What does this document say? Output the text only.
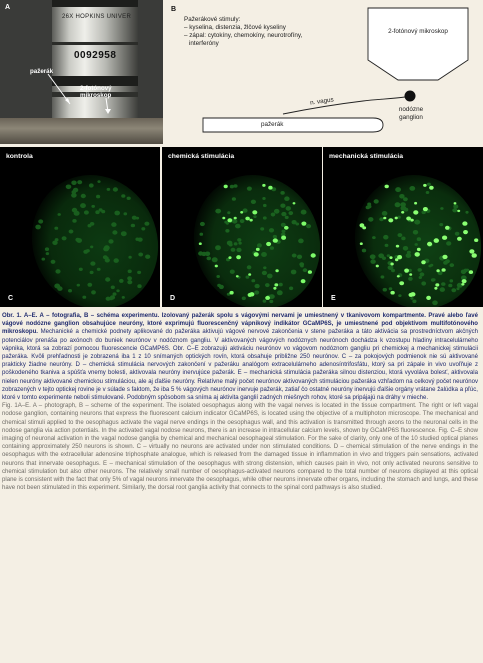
26X HOPKINS UNIVER
0092958
A
pažerák
2-fotónový mikroskop
B
Pažerákové stimuly:
– kyselina, distenzia, žlčové kyseliny
– zápal: cytokíny, chemokíny, neurotrofíny,
interferóny
2-fotónový mikroskop
n. vagus
nodózne
ganglion
pažerák
kontrola
C
chemická stimulácia
D
mechanická stimulácia
E

Obr. 1. A–E. A – fotografia, B – schéma experimentu. Izolovaný pažerák spolu s vágovými nervami je umiestnený v tkanivovom kompartmente. Pravé alebo ľavé vágové nodózne ganglion obsahujúce neuróny, ktoré exprimujú fluorescenčný vápnikový indikátor GCaMP6S, je umiestnené pod objektívom multifotónového mikroskopu. Mechanické a chemické podnety aplikované do pažeráka aktivujú vágové nervové zakončenia v stene pažeráka a táto aktivácia sa prostredníctvom akčných potenciálov prenáša po axónoch do buniek neurónov v nodóznom gangliu. V aktivovaných vágových nodóznych neurónoch dochádza k vzostupu hladiny intracelulárneho vápnika, ktorá sa zobrazí pomocou fluorescencie GCaMP6S. Obr. C–E zobrazujú aktiváciu neurónov vo vágovom nodóznom gangliu pri chemickej a mechanickej stimulácii pažeráka. Kvôli prehľadnosti je zobrazená iba 1 z 10 snímaných optických rovín, ktorá obsahuje približne 250 neurónov. C – za pokojových podmienok nie sú aktivované prakticky žiadne neuróny. D – chemická stimulácia nervových zakončení v pažeráku analógom extracelulárneho adenosíntrifosfátu, ktorý sa pri zápale in vivo uvoľňuje z poškodeného tkaniva a spúšťa vnemy bolesti, aktivovala neuróny inervujúce pažerák. E – mechanická stimulácia pažeráka silnou distenziou, ktorá vyvoláva bolesť, aktivovala nielen neuróny aktivované chemickou stimuláciou, ale aj ďalšie neuróny. Relatívne malý počet neurónov aktivovaných stimuláciou pažeráka vzhľadom na celkový počet neurónov zobrazených v tejto optickej rovine je v súlade s faktom, že iba 5 % vágových neurónov inervuje pažerák, zatiaľ čo ostatné neuróny inervujú ďalšie orgány vrátane žalúdka a pľúc, ktoré v tomto experimente neboli stimulované. Podobným spôsobom sa sníma aj aktivita ganglií zadných miešnych rohov, ktoré sa pripájajú na dráhy v mieche.

Fig. 1A–E. A – photograph, B – scheme of the experiment. The isolated oesophagus along with the vagal nerves is located in the tissue compartment. The right or left vagal nodose ganglion, containing neurons that express the fluorescent calcium indicator GCaMP6S, is located using the objective of a multiphoton microscope. The mechanical and chemical stimuli applied to the oesophagus activate the vagal nerve endings in the oesophagus wall, and this activation is transmitted through axons to the neuronal cells in the nodose ganglia via action potentials. In the activated vagal nodose neurons, there is an increase in intracellular calcium levels, shown by GCaMP6S fluorescence. Fig. C–E show imaging of neuronal activation in the vagal nodose ganglia by chemical and mechanical oesophageal stimulation. For the sake of clarity, only one of the 10 studied optical planes containing approximately 250 neurons is shown. C – virtually no neurons are activated under non stimulated conditions. D – chemical stimulation of the nerve endings in the oesophagus with the extracellular adenosine triphosphate analogue, which is released from the damaged tissue in inflammation in vivo and triggers pain sensations, activated neurons that innervate oesophagus. E – mechanical stimulation of the oesophagus with strong distension, which causes pain in vivo, not only activated neurons sensitive to chemical stimulation but also other neurons. The relatively small number of oesophagus-activated neurons compared to the total number of neurons displayed at this optical plane is consistent with the fact that only 5% of vagal neurons innervate the oesophagus, while other neurons innervate other organs, including the stomach and lungs, and these have not been stimulated in this experiment. Similarly, the dorsal root ganglia activity that connects to the spinal cord pathways is also studied.
